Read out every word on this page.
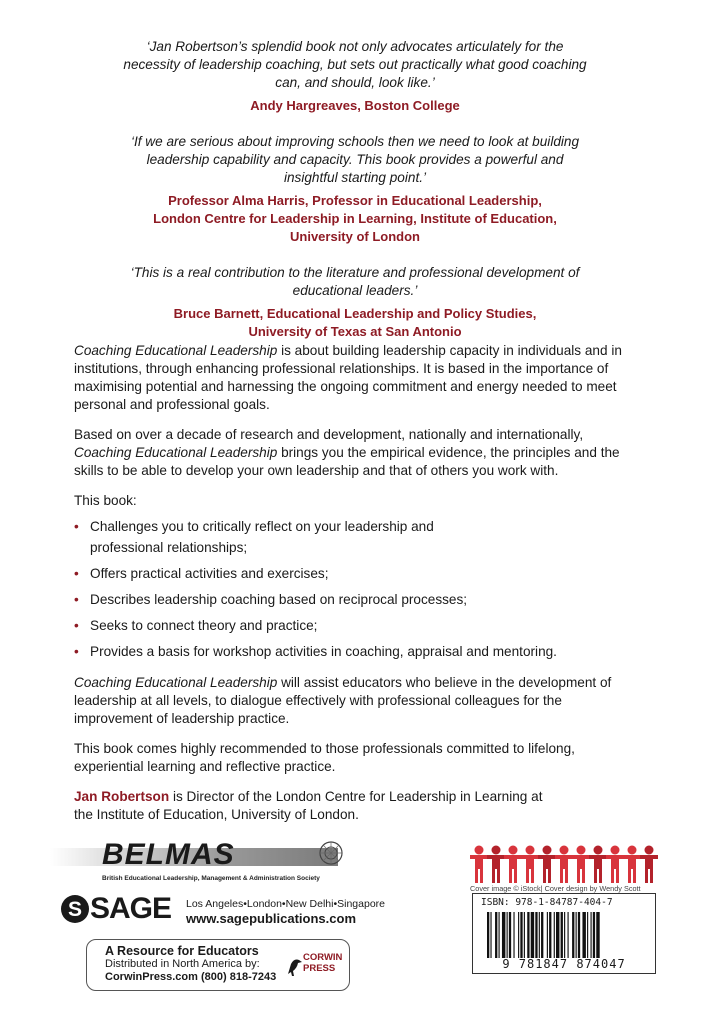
‘Jan Robertson’s splendid book not only advocates articulately for the necessity of leadership coaching, but sets out practically what good coaching can, and should, look like.’

Andy Hargreaves, Boston College

‘If we are serious about improving schools then we need to look at building leadership capability and capacity. This book provides a powerful and insightful starting point.’

Professor Alma Harris, Professor in Educational Leadership,
London Centre for Leadership in Learning, Institute of Education,
University of London

‘This is a real contribution to the literature and professional development of educational leaders.’

Bruce Barnett, Educational Leadership and Policy Studies,
University of Texas at San Antonio

Coaching Educational Leadership is about building leadership capacity in individuals and in institutions, through enhancing professional relationships. It is based in the importance of maximising potential and harnessing the ongoing commitment and energy needed to meet personal and professional goals.

Based on over a decade of research and development, nationally and internationally, Coaching Educational Leadership brings you the empirical evidence, the principles and the skills to be able to develop your own leadership and that of others you work with.

This book:

• Challenges you to critically reflect on your leadership and professional relationships;
• Offers practical activities and exercises;
• Describes leadership coaching based on reciprocal processes;
• Seeks to connect theory and practice;
• Provides a basis for workshop activities in coaching, appraisal and mentoring.

Coaching Educational Leadership will assist educators who believe in the development of leadership at all levels, to dialogue effectively with professional colleagues for the improvement of leadership practice.

This book comes highly recommended to those professionals committed to lifelong, experiential learning and reflective practice.

Jan Robertson is Director of the London Centre for Leadership in Learning at the Institute of Education, University of London.

BELMAS
British Educational Leadership, Management & Administration Society
S SAGE Los Angeles•London•New Delhi•Singapore
www.sagepublications.com
A Resource for Educators
Distributed in North America by:
CorwinPress.com (800) 818-7243
CORWIN
PRESS
Cover image © iStock| Cover design by Wendy Scott
ISBN: 978-1-84787-404-7
9 781847 874047
